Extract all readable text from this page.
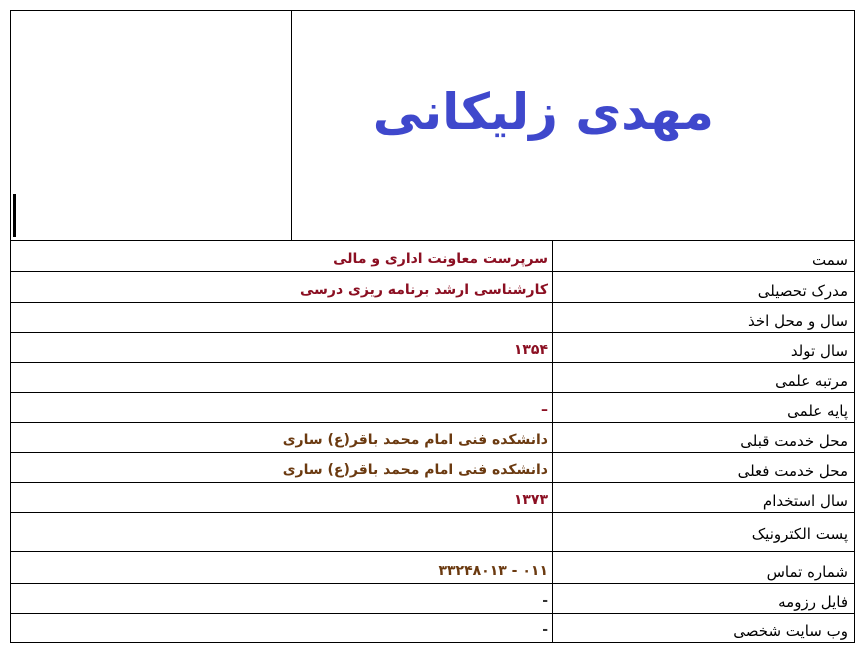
مهدی زلیکانی
سمت	سرپرست معاونت اداری و مالی
مدرک تحصیلی	کارشناسی ارشد برنامه ریزی درسی
سال و محل اخذ	
سال تولد	۱۳۵۴
مرتبه علمی	
پایه علمی	–
محل خدمت قبلی	دانشکده فنی امام محمد باقر(ع) ساری
محل خدمت فعلی	دانشکده فنی امام محمد باقر(ع) ساری
سال استخدام	۱۳۷۳
پست الکترونیک	
شماره تماس	۰۱۱ - ۳۳۲۴۸۰۱۳
فایل رزومه	-
وب سایت شخصی	-
